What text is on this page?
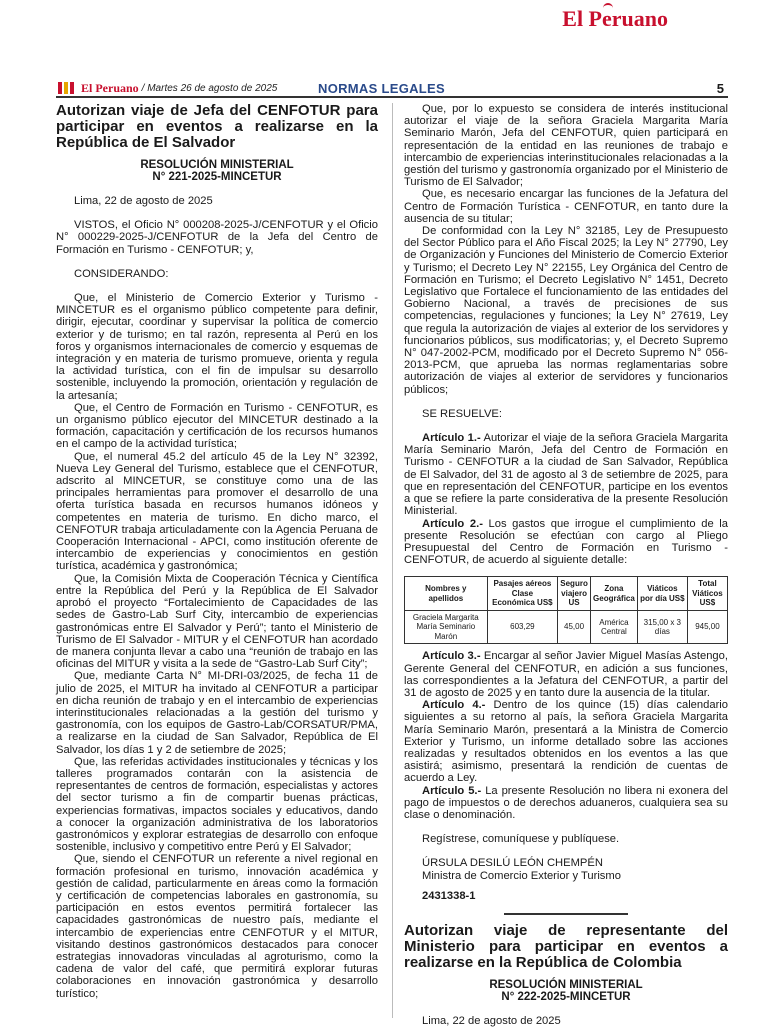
El Peruano
El Peruano / Martes 26 de agosto de 2025	NORMAS LEGALES	5
Autorizan viaje de Jefa del CENFOTUR para participar en eventos a realizarse en la República de El Salvador
RESOLUCIÓN MINISTERIAL
N° 221-2025-MINCETUR
Lima, 22 de agosto de 2025

VISTOS, el Oficio N° 000208-2025-J/CENFOTUR y el Oficio N° 000229-2025-J/CENFOTUR de la Jefa del Centro de Formación en Turismo - CENFOTUR; y,

CONSIDERANDO:

Que, el Ministerio de Comercio Exterior y Turismo - MINCETUR es el organismo público competente para definir, dirigir, ejecutar, coordinar y supervisar la política de comercio exterior y de turismo; en tal razón, representa al Perú en los foros y organismos internacionales de comercio y esquemas de integración y en materia de turismo promueve, orienta y regula la actividad turística, con el fin de impulsar su desarrollo sostenible, incluyendo la promoción, orientación y regulación de la artesanía;

Que, el Centro de Formación en Turismo - CENFOTUR, es un organismo público ejecutor del MINCETUR destinado a la formación, capacitación y certificación de los recursos humanos en el campo de la actividad turística;

Que, el numeral 45.2 del artículo 45 de la Ley N° 32392, Nueva Ley General del Turismo, establece que el CENFOTUR, adscrito al MINCETUR, se constituye como una de las principales herramientas para promover el desarrollo de una oferta turística basada en recursos humanos idóneos y competentes en materia de turismo. En dicho marco, el CENFOTUR trabaja articuladamente con la Agencia Peruana de Cooperación Internacional - APCI, como institución oferente de intercambio de experiencias y conocimientos en gestión turística, académica y gastronómica;

Que, la Comisión Mixta de Cooperación Técnica y Científica entre la República del Perú y la República de El Salvador aprobó el proyecto “Fortalecimiento de Capacidades de las sedes de Gastro-Lab Surf City, intercambio de experiencias gastronómicas entre El Salvador y Perú”; tanto el Ministerio de Turismo de El Salvador - MITUR y el CENFOTUR han acordado de manera conjunta llevar a cabo una “reunión de trabajo en las oficinas del MITUR y visita a la sede de “Gastro-Lab Surf City”;

Que, mediante Carta N° MI-DRI-03/2025, de fecha 11 de julio de 2025, el MITUR ha invitado al CENFOTUR a participar en dicha reunión de trabajo y en el intercambio de experiencias interinstitucionales relacionadas a la gestión del turismo y gastronomía, con los equipos de Gastro-Lab/CORSATUR/PMA, a realizarse en la ciudad de San Salvador, República de El Salvador, los días 1 y 2 de setiembre de 2025;

Que, las referidas actividades institucionales y técnicas y los talleres programados contarán con la asistencia de representantes de centros de formación, especialistas y actores del sector turismo a fin de compartir buenas prácticas, experiencias formativas, impactos sociales y educativos, dando a conocer la organización administrativa de los laboratorios gastronómicos y explorar estrategias de desarrollo con enfoque sostenible, inclusivo y competitivo entre Perú y El Salvador;

Que, siendo el CENFOTUR un referente a nivel regional en formación profesional en turismo, innovación académica y gestión de calidad, particularmente en áreas como la formación y certificación de competencias laborales en gastronomía, su participación en estos eventos permitirá fortalecer las capacidades gastronómicas de nuestro país, mediante el intercambio de experiencias entre CENFOTUR y el MITUR, visitando destinos gastronómicos destacados para conocer estrategias innovadoras vinculadas al agroturismo, como la cadena de valor del café, que permitirá explorar futuras colaboraciones en innovación gastronómica y desarrollo turístico;

Que, por lo expuesto se considera de interés institucional autorizar el viaje de la señora Graciela Margarita María Seminario Marón, Jefa del CENFOTUR, quien participará en representación de la entidad en las reuniones de trabajo e intercambio de experiencias interinstitucionales relacionadas a la gestión del turismo y gastronomía organizado por el Ministerio de Turismo de El Salvador;

Que, es necesario encargar las funciones de la Jefatura del Centro de Formación Turística - CENFOTUR, en tanto dure la ausencia de su titular;

De conformidad con la Ley N° 32185, Ley de Presupuesto del Sector Público para el Año Fiscal 2025; la Ley N° 27790, Ley de Organización y Funciones del Ministerio de Comercio Exterior y Turismo; el Decreto Ley N° 22155, Ley Orgánica del Centro de Formación en Turismo; el Decreto Legislativo N° 1451, Decreto Legislativo que Fortalece el funcionamiento de las entidades del Gobierno Nacional, a través de precisiones de sus competencias, regulaciones y funciones; la Ley N° 27619, Ley que regula la autorización de viajes al exterior de los servidores y funcionarios públicos, sus modificatorias; y, el Decreto Supremo N° 047-2002-PCM, modificado por el Decreto Supremo N° 056-2013-PCM, que aprueba las normas reglamentarias sobre autorización de viajes al exterior de servidores y funcionarios públicos;

SE RESUELVE:

Artículo 1.- Autorizar el viaje de la señora Graciela Margarita María Seminario Marón, Jefa del Centro de Formación en Turismo - CENFOTUR a la ciudad de San Salvador, República de El Salvador, del 31 de agosto al 3 de setiembre de 2025, para que en representación del CENFOTUR, participe en los eventos a que se refiere la parte considerativa de la presente Resolución Ministerial.

Artículo 2.- Los gastos que irrogue el cumplimiento de la presente Resolución se efectúan con cargo al Pliego Presupuestal del Centro de Formación en Turismo - CENFOTUR, de acuerdo al siguiente detalle:

Nombres y apellidos	Pasajes aéreos Clase Económica US$	Seguro viajero US	Zona Geográfica	Viáticos por día US$	Total Viáticos US$
Graciela Margarita María Seminario Marón	603,29	45,00	América Central	315,00 x 3 días	945,00

Artículo 3.- Encargar al señor Javier Miguel Masías Astengo, Gerente General del CENFOTUR, en adición a sus funciones, las correspondientes a la Jefatura del CENFOTUR, a partir del 31 de agosto de 2025 y en tanto dure la ausencia de la titular.

Artículo 4.- Dentro de los quince (15) días calendario siguientes a su retorno al país, la señora Graciela Margarita María Seminario Marón, presentará a la Ministra de Comercio Exterior y Turismo, un informe detallado sobre las acciones realizadas y resultados obtenidos en los eventos a las que asistirá; asimismo, presentará la rendición de cuentas de acuerdo a Ley.

Artículo 5.- La presente Resolución no libera ni exonera del pago de impuestos o de derechos aduaneros, cualquiera sea su clase o denominación.

Regístrese, comuníquese y publíquese.

ÚRSULA DESILÚ LEÓN CHEMPÉN

Ministra de Comercio Exterior y Turismo

2431338-1
Autorizan viaje de representante del Ministerio para participar en eventos a realizarse en la República de Colombia
RESOLUCIÓN MINISTERIAL
N° 222-2025-MINCETUR
Lima, 22 de agosto de 2025
